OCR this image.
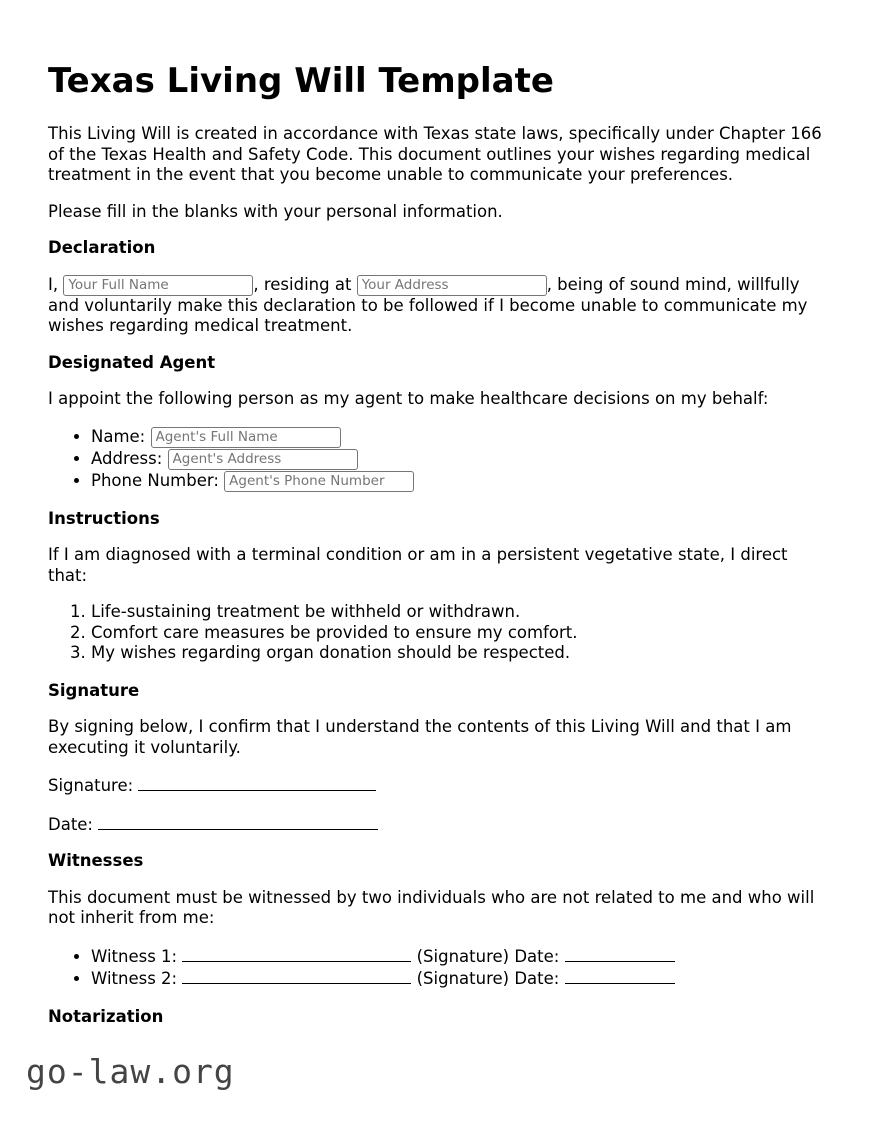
Texas Living Will Template

This Living Will is created in accordance with Texas state laws, specifically under Chapter 166 of the Texas Health and Safety Code. This document outlines your wishes regarding medical treatment in the event that you become unable to communicate your preferences.

Please fill in the blanks with your personal information.

Declaration

I, Your Full Name	, residing at Your Address	, being of sound mind, willfully and voluntarily make this declaration to be followed if I become unable to communicate my wishes regarding medical treatment.

Designated Agent

I appoint the following person as my agent to make healthcare decisions on my behalf:

• Name: Agent's Full Name
• Address: Agent's Address
• Phone Number: Agent's Phone Number
Instructions

If I am diagnosed with a terminal condition or am in a persistent vegetative state, I direct that:

1. Life-sustaining treatment be withheld or withdrawn.
2. Comfort care measures be provided to ensure my comfort.
3. My wishes regarding organ donation should be respected.
Signature

By signing below, I confirm that I understand the contents of this Living Will and that I am executing it voluntarily.

Signature:

Date:

Witnesses

This document must be witnessed by two individuals who are not related to me and who will not inherit from me:

• Witness 1:	(Signature) Date:
• Witness 2:	(Signature) Date:
Notarization
go-law.org
